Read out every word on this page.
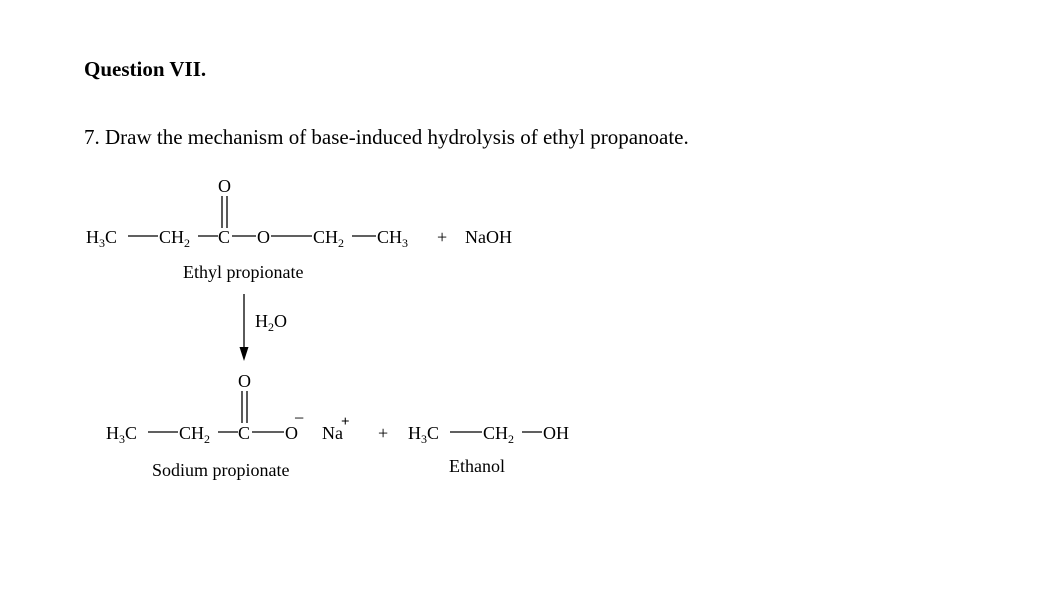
Question VII.

7. Draw the mechanism of base-induced hydrolysis of ethyl propanoate.

O
$H_3C$ $CH_2$ C O $CH_2$ $CH_3$ + NaOH
Ethyl propionate
$H_2O$
O
$H_3C$ $CH_2$ C O
−
Na
+
Sodium propionate
+ $H_3C$ $CH_2$ OH
Ethanol
